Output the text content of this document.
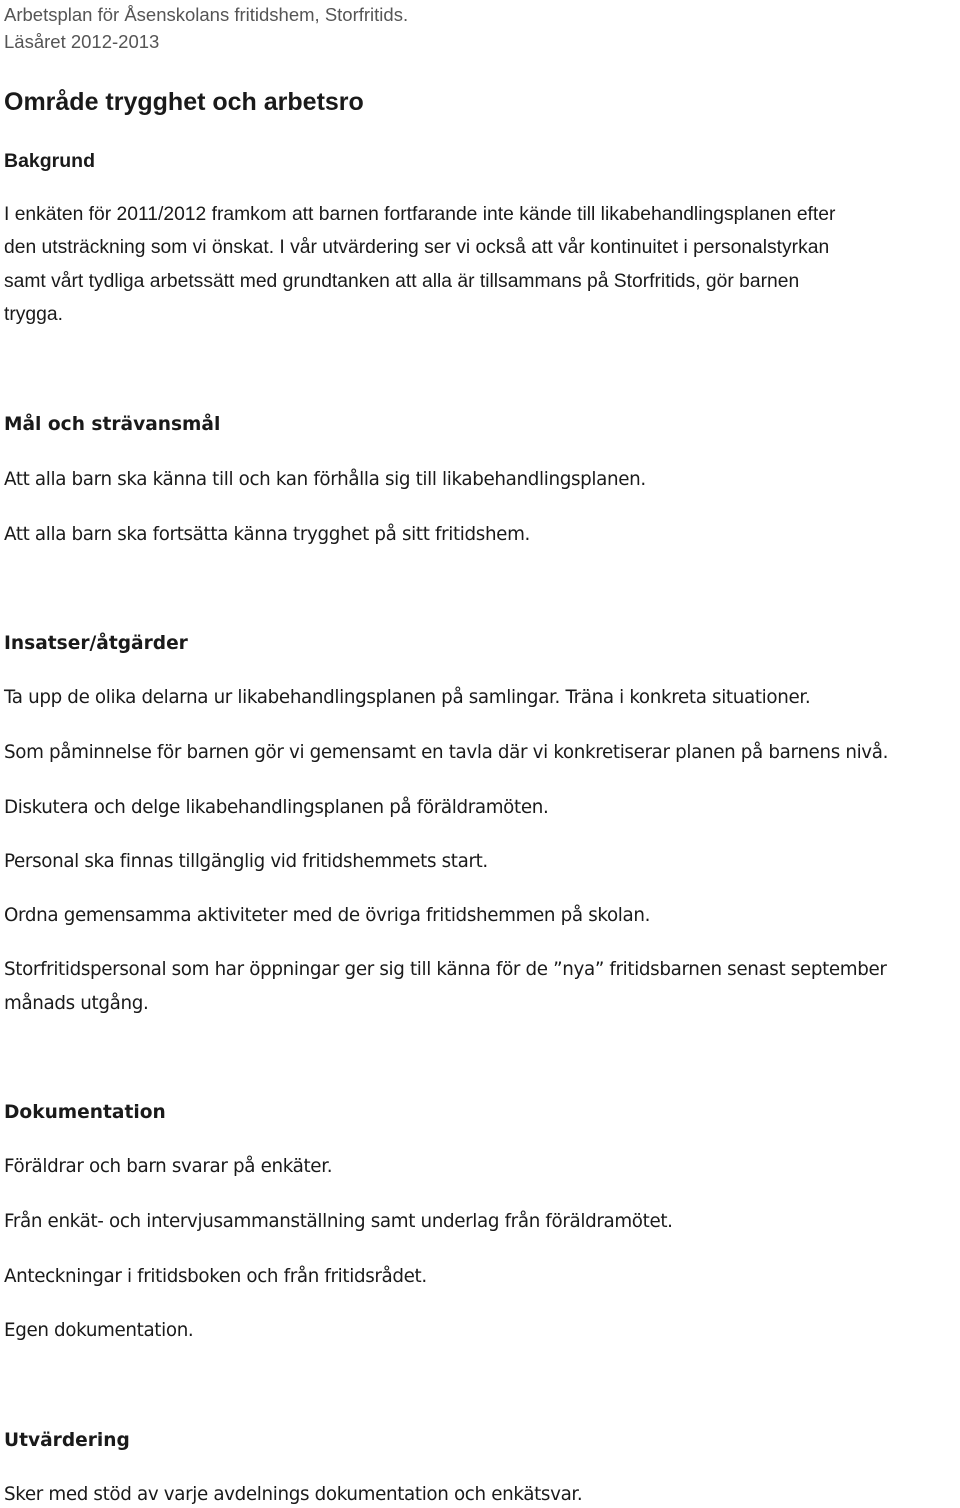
Arbetsplan för Åsenskolans fritidshem, Storfritids.
Läsåret 2012-2013
Område trygghet och arbetsro
Bakgrund
I enkäten för 2011/2012 framkom att barnen fortfarande inte kände till likabehandlingsplanen efter
den utsträckning som vi önskat. I vår utvärdering ser vi också att vår kontinuitet i personalstyrkan
samt vårt tydliga arbetssätt med grundtanken att alla är tillsammans på Storfritids, gör barnen
trygga.
Mål och strävansmål
Att alla barn ska känna till och kan förhålla sig till likabehandlingsplanen.
Att alla barn ska fortsätta känna trygghet på sitt fritidshem.
Insatser/åtgärder
Ta upp de olika delarna ur likabehandlingsplanen på samlingar. Träna i konkreta situationer.
Som påminnelse för barnen gör vi gemensamt en tavla där vi konkretiserar planen på barnens nivå.
Diskutera och delge likabehandlingsplanen på föräldramöten.
Personal ska finnas tillgänglig vid fritidshemmets start.
Ordna gemensamma aktiviteter med de övriga fritidshemmen på skolan.
Storfritidspersonal som har öppningar ger sig till känna för de ”nya” fritidsbarnen senast september
månads utgång.
Dokumentation
Föräldrar och barn svarar på enkäter.
Från enkät- och intervjusammanställning samt underlag från föräldramötet.
Anteckningar i fritidsboken och från fritidsrådet.
Egen dokumentation.
Utvärdering
Sker med stöd av varje avdelnings dokumentation och enkätsvar.
